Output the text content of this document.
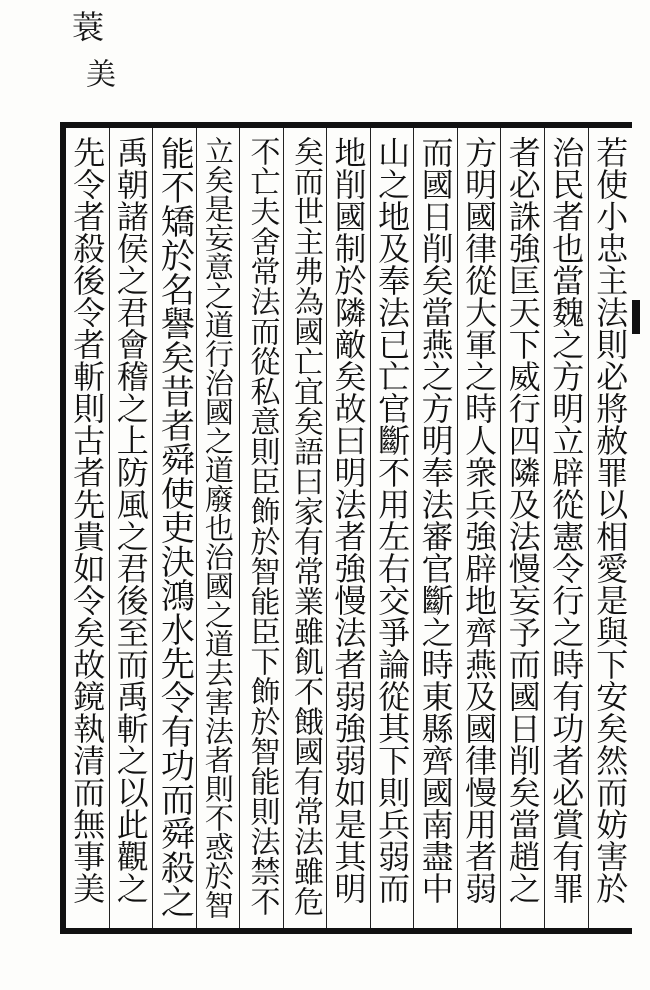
蓑
美
若使小忠主法則必將赦罪以相愛是與下安矣然而妨害於
治民者也當魏之方明立辟從憲令行之時有功者必賞有罪
者必誅強匡天下威行四隣及法慢妄予而國日削矣當趙之
方明國律從大軍之時人衆兵強辟地齊燕及國律慢用者弱
而國日削矣當燕之方明奉法審官斷之時東縣齊國南盡中
山之地及奉法已亡官斷不用左右交爭論從其下則兵弱而
地削國制於隣敵矣故曰明法者強慢法者弱強弱如是其明
矣而世主弗為國亡宜矣語曰家有常業雖飢不餓國有常法雖危
不亡夫舍常法而從私意則臣飾於智能臣下飾於智能則法禁不
立矣是妄意之道行治國之道廢也治國之道去害法者則不惑於智
能不矯於名譽矣昔者舜使吏決鴻水先令有功而舜殺之
禹朝諸侯之君會稽之上防風之君後至而禹斬之以此觀之
先令者殺後令者斬則古者先貴如令矣故鏡執清而無事美
